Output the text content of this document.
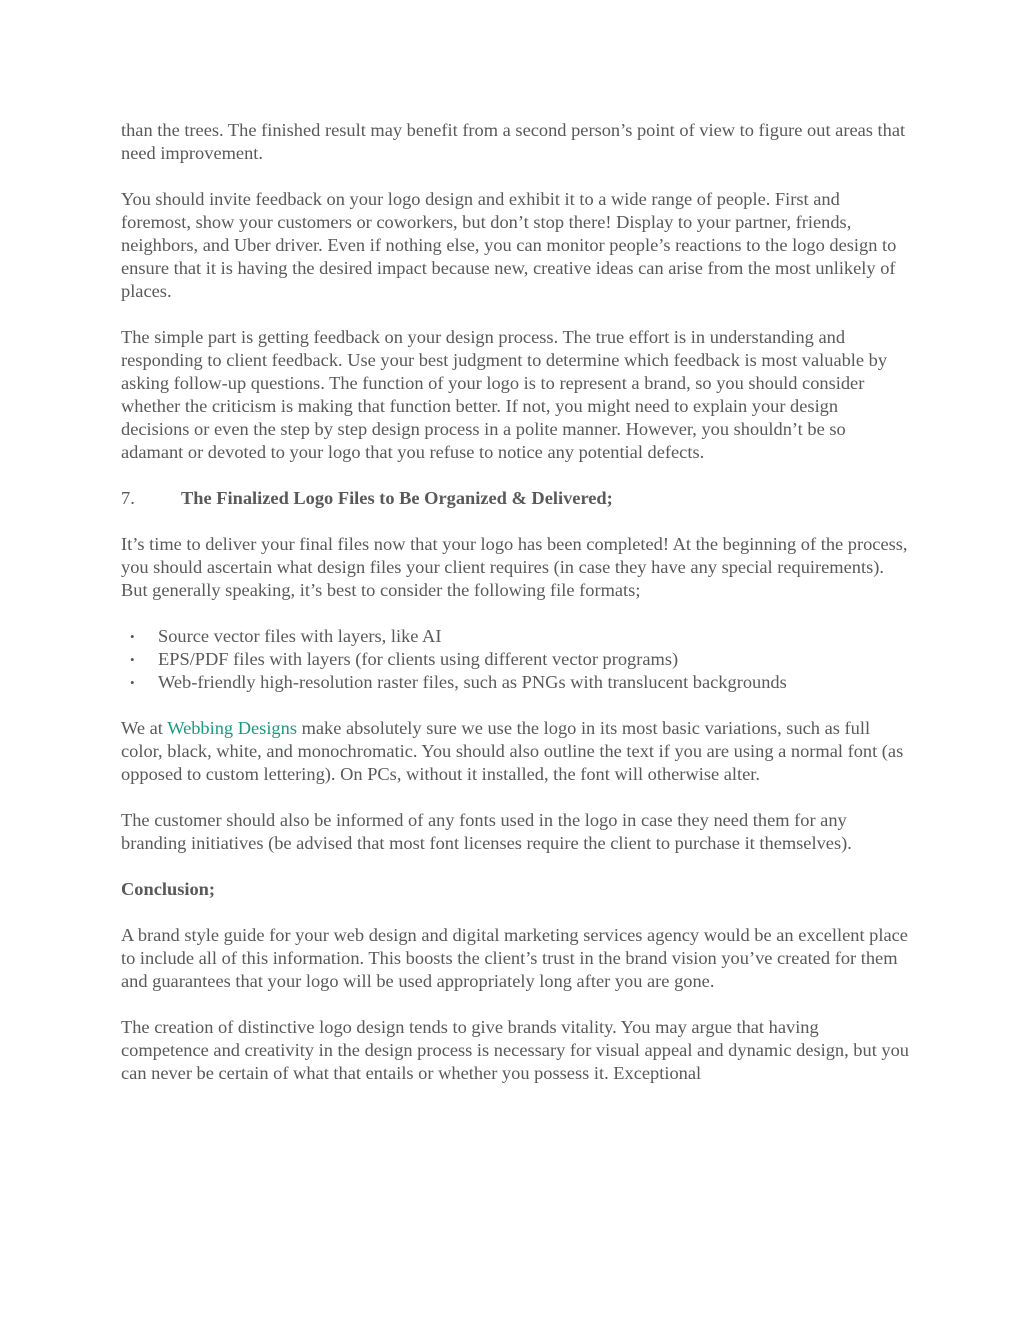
than the trees. The finished result may benefit from a second person’s point of view to figure out areas that need improvement.

You should invite feedback on your logo design and exhibit it to a wide range of people. First and foremost, show your customers or coworkers, but don’t stop there! Display to your partner, friends, neighbors, and Uber driver. Even if nothing else, you can monitor people’s reactions to the logo design to ensure that it is having the desired impact because new, creative ideas can arise from the most unlikely of places.

The simple part is getting feedback on your design process. The true effort is in understanding and responding to client feedback. Use your best judgment to determine which feedback is most valuable by asking follow-up questions. The function of your logo is to represent a brand, so you should consider whether the criticism is making that function better. If not, you might need to explain your design decisions or even the step by step design process in a polite manner. However, you shouldn’t be so adamant or devoted to your logo that you refuse to notice any potential defects.

7.	The Finalized Logo Files to Be Organized & Delivered;

It’s time to deliver your final files now that your logo has been completed! At the beginning of the process, you should ascertain what design files your client requires (in case they have any special requirements). But generally speaking, it’s best to consider the following file formats;

• Source vector files with layers, like AI
• EPS/PDF files with layers (for clients using different vector programs)
• Web-friendly high-resolution raster files, such as PNGs with translucent backgrounds

We at Webbing Designs make absolutely sure we use the logo in its most basic variations, such as full color, black, white, and monochromatic. You should also outline the text if you are using a normal font (as opposed to custom lettering). On PCs, without it installed, the font will otherwise alter.

The customer should also be informed of any fonts used in the logo in case they need them for any branding initiatives (be advised that most font licenses require the client to purchase it themselves).

Conclusion;

A brand style guide for your web design and digital marketing services agency would be an excellent place to include all of this information. This boosts the client’s trust in the brand vision you’ve created for them and guarantees that your logo will be used appropriately long after you are gone.

The creation of distinctive logo design tends to give brands vitality. You may argue that having competence and creativity in the design process is necessary for visual appeal and dynamic design, but you can never be certain of what that entails or whether you possess it. Exceptional
